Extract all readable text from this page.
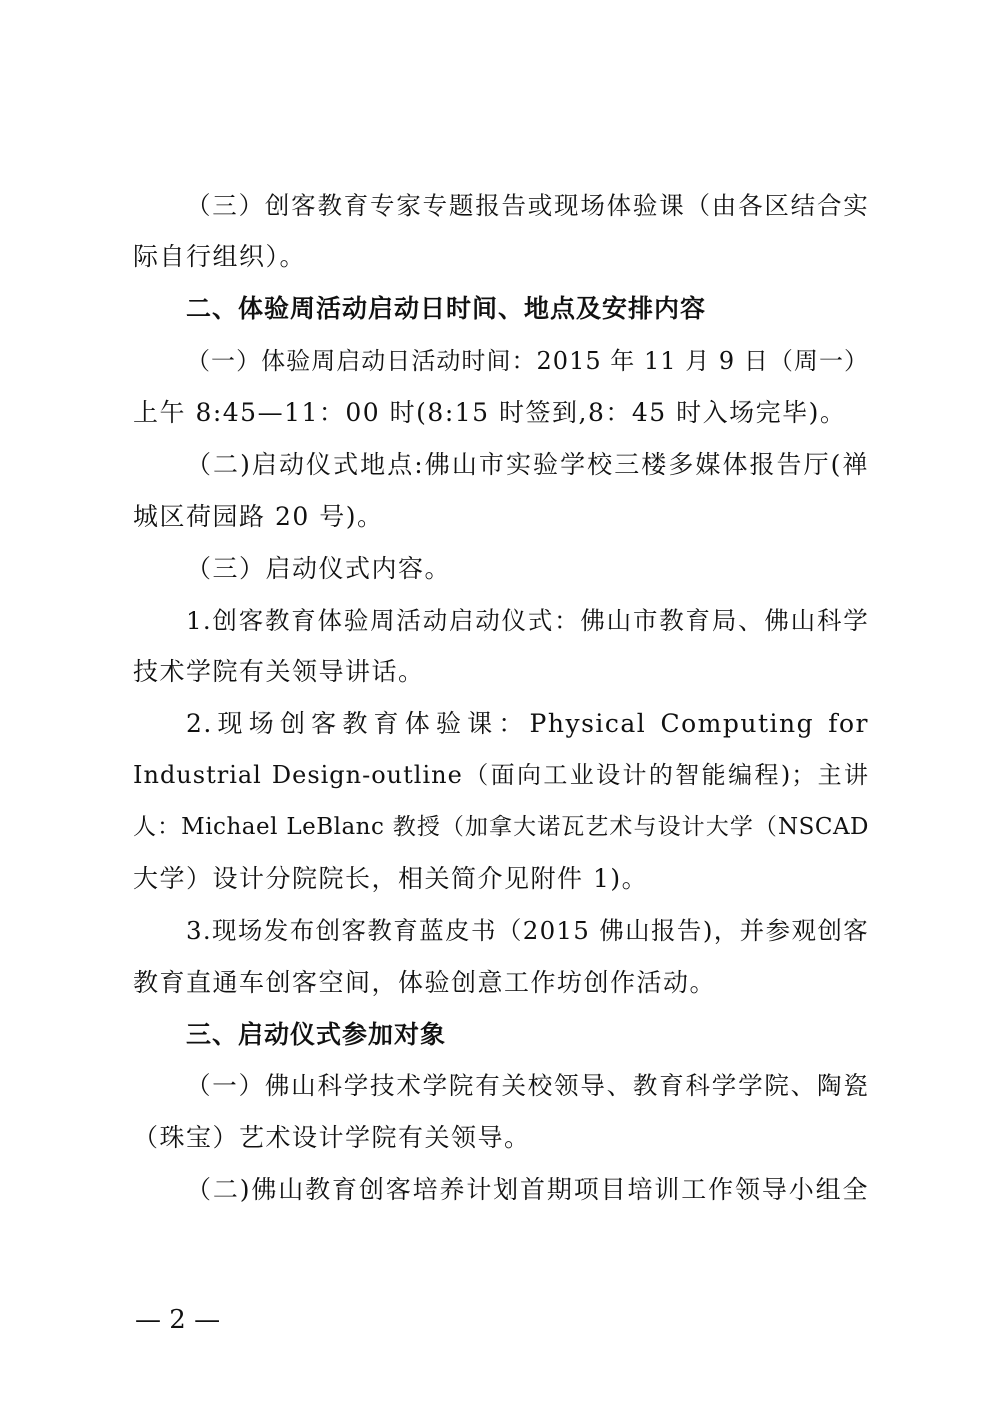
（三）创客教育专家专题报告或现场体验课（由各区结合实
际自行组织）。
二、体验周活动启动日时间、地点及安排内容
（一）体验周启动日活动时间：2015 年 11 月 9 日（周一）
上午 8:45—11：00 时(8:15 时签到,8：45 时入场完毕)。
（二)启动仪式地点:佛山市实验学校三楼多媒体报告厅(禅
城区荷园路 20 号)。
（三）启动仪式内容。
1.创客教育体验周活动启动仪式：佛山市教育局、佛山科学
技术学院有关领导讲话。
2.现场创客教育体验课：Physical Computing for
Industrial Design-outline（面向工业设计的智能编程)；主讲
人：Michael LeBlanc 教授（加拿大诺瓦艺术与设计大学（NSCAD
大学）设计分院院长，相关简介见附件 1)。
3.现场发布创客教育蓝皮书（2015 佛山报告)，并参观创客
教育直通车创客空间，体验创意工作坊创作活动。
三、启动仪式参加对象
（一）佛山科学技术学院有关校领导、教育科学学院、陶瓷
（珠宝）艺术设计学院有关领导。
（二)佛山教育创客培养计划首期项目培训工作领导小组全
— 2 —
